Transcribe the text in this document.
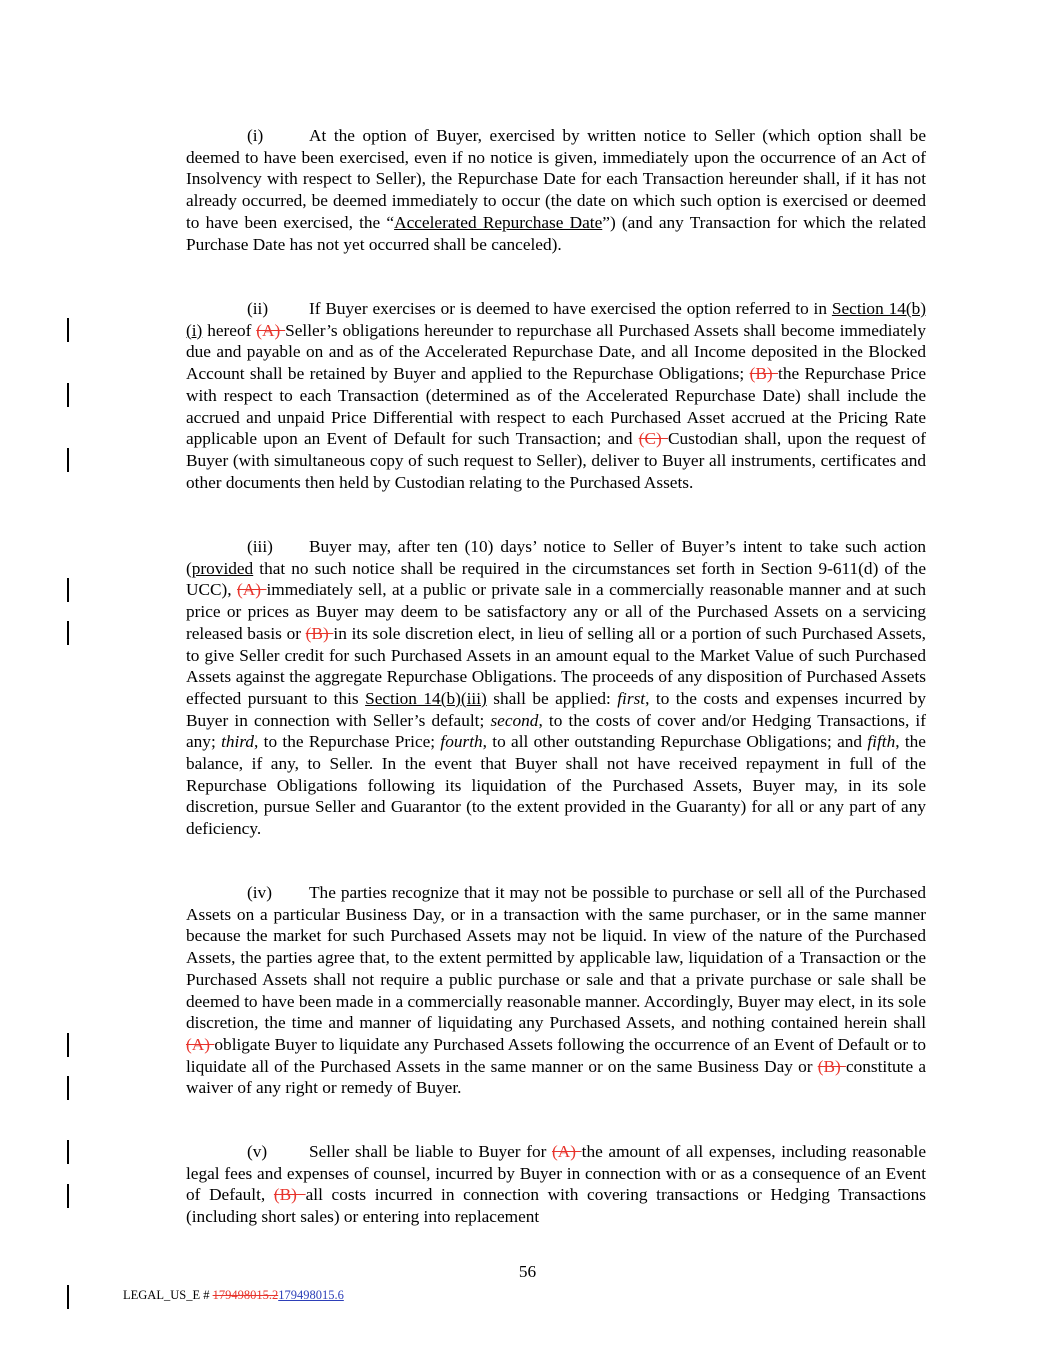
(i)	At the option of Buyer, exercised by written notice to Seller (which option shall be deemed to have been exercised, even if no notice is given, immediately upon the occurrence of an Act of Insolvency with respect to Seller), the Repurchase Date for each Transaction hereunder shall, if it has not already occurred, be deemed immediately to occur (the date on which such option is exercised or deemed to have been exercised, the “Accelerated Repurchase Date”) (and any Transaction for which the related Purchase Date has not yet occurred shall be canceled).

(ii) If Buyer exercises or is deemed to have exercised the option referred to in Section 14(b)(i) hereof (A) Seller’s obligations hereunder to repurchase all Purchased Assets shall become immediately due and payable on and as of the Accelerated Repurchase Date, and all Income deposited in the Blocked Account shall be retained by Buyer and applied to the Repurchase Obligations; (B) the Repurchase Price with respect to each Transaction (determined as of the Accelerated Repurchase Date) shall include the accrued and unpaid Price Differential with respect to each Purchased Asset accrued at the Pricing Rate applicable upon an Event of Default for such Transaction; and (C) Custodian shall, upon the request of Buyer (with simultaneous copy of such request to Seller), deliver to Buyer all instruments, certificates and other documents then held by Custodian relating to the Purchased Assets.

(iii) Buyer may, after ten (10) days’ notice to Seller of Buyer’s intent to take such action (provided that no such notice shall be required in the circumstances set forth in Section 9-611(d) of the UCC), (A) immediately sell, at a public or private sale in a commercially reasonable manner and at such price or prices as Buyer may deem to be satisfactory any or all of the Purchased Assets on a servicing released basis or (B) in its sole discretion elect, in lieu of selling all or a portion of such Purchased Assets, to give Seller credit for such Purchased Assets in an amount equal to the Market Value of such Purchased Assets against the aggregate Repurchase Obligations. The proceeds of any disposition of Purchased Assets effected pursuant to this Section 14(b)(iii) shall be applied: first, to the costs and expenses incurred by Buyer in connection with Seller’s default; second, to the costs of cover and/or Hedging Transactions, if any; third, to the Repurchase Price; fourth, to all other outstanding Repurchase Obligations; and fifth, the balance, if any, to Seller. In the event that Buyer shall not have received repayment in full of the Repurchase Obligations following its liquidation of the Purchased Assets, Buyer may, in its sole discretion, pursue Seller and Guarantor (to the extent provided in the Guaranty) for all or any part of any deficiency.

(iv) The parties recognize that it may not be possible to purchase or sell all of the Purchased Assets on a particular Business Day, or in a transaction with the same purchaser, or in the same manner because the market for such Purchased Assets may not be liquid. In view of the nature of the Purchased Assets, the parties agree that, to the extent permitted by applicable law, liquidation of a Transaction or the Purchased Assets shall not require a public purchase or sale and that a private purchase or sale shall be deemed to have been made in a commercially reasonable manner. Accordingly, Buyer may elect, in its sole discretion, the time and manner of liquidating any Purchased Assets, and nothing contained herein shall (A) obligate Buyer to liquidate any Purchased Assets following the occurrence of an Event of Default or to liquidate all of the Purchased Assets in the same manner or on the same Business Day or (B) constitute a waiver of any right or remedy of Buyer.

(v) Seller shall be liable to Buyer for (A) the amount of all expenses, including reasonable legal fees and expenses of counsel, incurred by Buyer in connection with or as a consequence of an Event of Default, (B) all costs incurred in connection with covering transactions or Hedging Transactions (including short sales) or entering into replacement

56
LEGAL_US_E # 179498015.2179498015.6
